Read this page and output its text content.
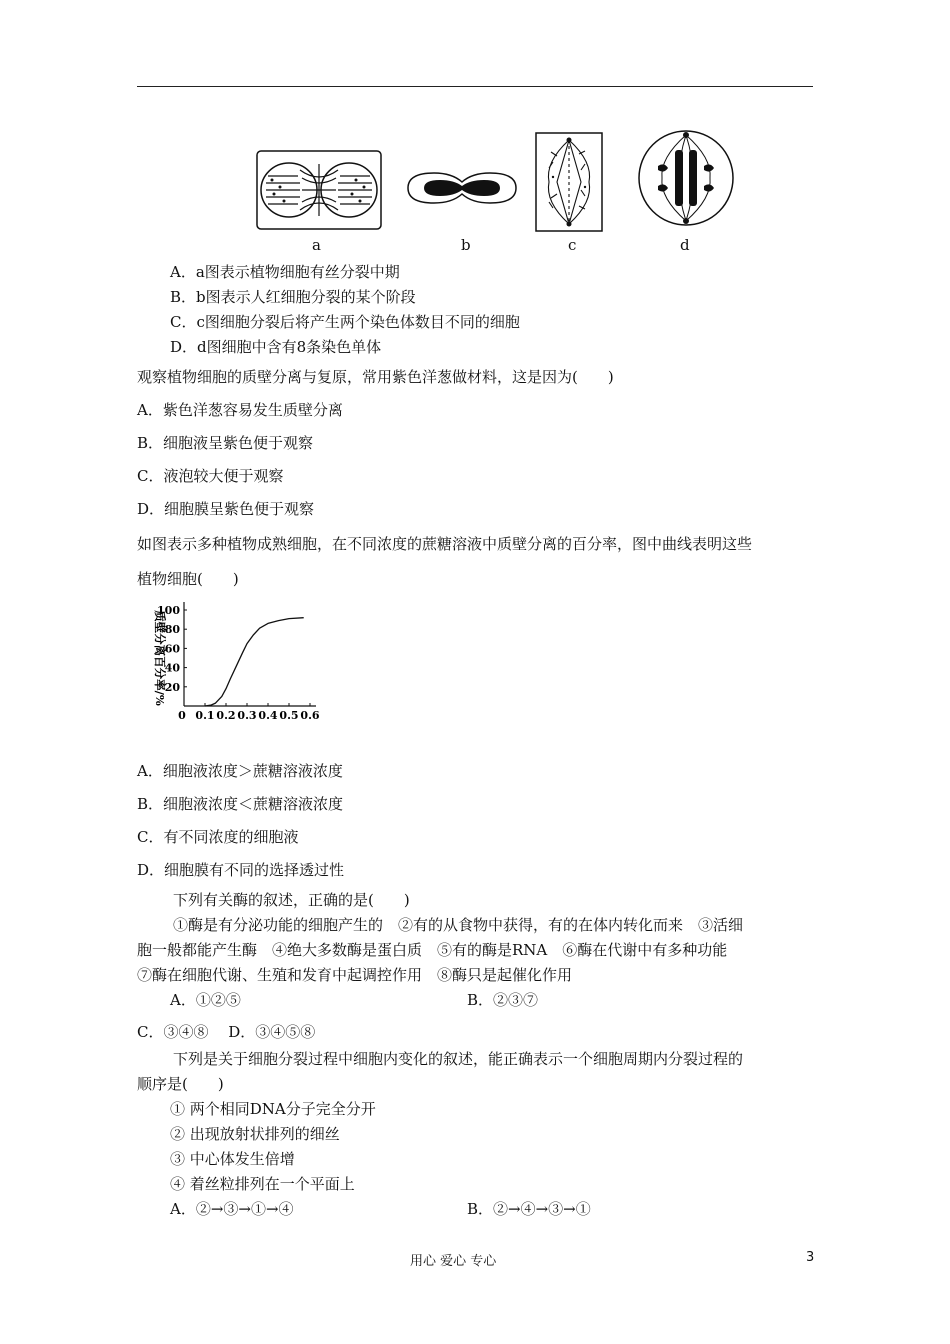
a	b	c	d
A．a图表示植物细胞有丝分裂中期
B．b图表示人红细胞分裂的某个阶段
C．c图细胞分裂后将产生两个染色体数目不同的细胞
D．d图细胞中含有8条染色单体
观察植物细胞的质壁分离与复原，常用紫色洋葱做材料，这是因为(　　)
A．紫色洋葱容易发生质壁分离
B．细胞液呈紫色便于观察
C．液泡较大便于观察
D．细胞膜呈紫色便于观察
如图表示多种植物成熟细胞，在不同浓度的蔗糖溶液中质壁分离的百分率，图中曲线表明这些
植物细胞(　　)
20
40
60
80
100
0 0.1 0.2 0.3 0.4 0.5 0.6
质壁分离百分率/%
A．细胞液浓度＞蔗糖溶液浓度
B．细胞液浓度＜蔗糖溶液浓度
C．有不同浓度的细胞液
D．细胞膜有不同的选择透过性
下列有关酶的叙述，正确的是(　　)
①酶是有分泌功能的细胞产生的　②有的从食物中获得，有的在体内转化而来　③活细
胞一般都能产生酶　④绝大多数酶是蛋白质　⑤有的酶是RNA　⑥酶在代谢中有多种功能
⑦酶在细胞代谢、生殖和发育中起调控作用　⑧酶只是起催化作用
A．①②⑤	B．②③⑦
C．③④⑧　 D．③④⑤⑧
下列是关于细胞分裂过程中细胞内变化的叙述，能正确表示一个细胞周期内分裂过程的
顺序是(　　)
① 两个相同DNA分子完全分开
② 出现放射状排列的细丝
③ 中心体发生倍增
④ 着丝粒排列在一个平面上
A．②→③→①→④	B．②→④→③→①
用心 爱心 专心	3
